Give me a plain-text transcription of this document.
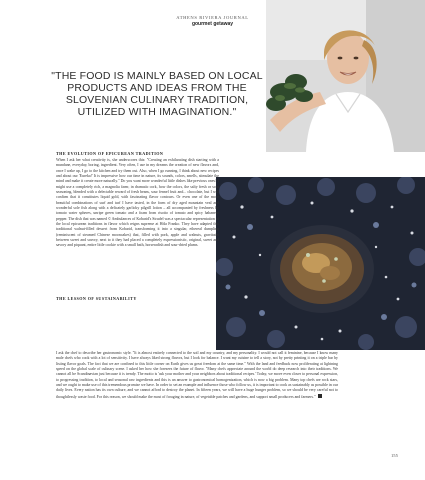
ATHENS RIVIERA JOURNAL
gourmet getaway

"THE FOOD IS MAINLY BASED ON LOCAL PRODUCTS AND IDEAS FROM THE SLOVENIAN CULINARY TRADITION, UTILIZED WITH IMAGINATION."

THE EVOLUTION OF EPICUREAN TRADITION

When I ask her what creativity is, she underscores this: "Creating an exhilarating dish starting with a mundane, everyday, boring, ingredient. Very often, I use in my dreams the creation of new flavors and, once I wake up, I go to the kitchen and try them out. Also, when I go running, I think about new recipes and about our 'Eureka!' It is impressive how our time in nature, its sounds, colors, smells, stimulate the mind and make it create more naturally." Do you want more wonderful little dishes like previous ones? I might use a completely rich, a magnolia farm; in dramatic cork, how the colors, the salty fresh or sour seasoning, blended with a delectable reward of fresh beans, sour fennel fruit and... chocolate, but I will confirm that it constitutes liquid gold, with fascinating flavor contours. Or even one of the more beautiful combinations of surf and turf I have tasted, in the form of dry aged mountain veal and wonderful sole fish along with a delicately garlicky pilgrill lotion – all accompanied by freshness by tomato water spheres, unripe green tomato and a foam from risotto of tomato and spicy habanero pepper. The dish that was named © Ambulances of Kobarid's Strudel was a spectacular representation of the local epicurean traditions in flavor which reigns supreme at Hiša Franko. They have adapted this traditional walnut-filled dessert from Kobarid, transforming it into a singular, ethereal dumpling (reminiscent of steamed Chinese mooncakes) that, filled with pork, apple and walnuts, gravitates between sweet and savory, next to it they had placed a completely expressionistic, original, sweet and savory and piquant, entire little cookie with a small bath, horseradish and sour-dried plums.

THE LESSON OF SUSTAINABILITY

I ask the chef to describe her gastronomic style. "It is almost entirely connected to the soil and my country, and my personality. I would not call it feminine, because I know many male chefs who cook with a lot of sensitivity. I have always liked strong flavors, but I look for balance. I want my cuisine to tell a story, not by pretty printing it on a triple bar by listing flavor goals. The fact that we are confined to this little corner on Earth gives us great freedom at the same time." With the land and feedback now proliferating at lightning speed on the global scale of culinary scene. I asked her how she foresees the future of flavor. "Many chefs appreciate around the world do deep research into their traditions. We cannot all be Scandinavian just because it is trendy. The motto is 'ask your mother and your neighbors about traditional recipes.' Today, we move even closer to personal expression, to progressing tradition, to local and seasonal raw ingredients and this is an answer to gastronomical homogenization, which is now a big problem. Many top chefs are rock stars, and we ought to make use of this tremendous promise we have. In order to set an example and influence those who follow us, it is important to cook as sustainably as possible in our daily lives. Every nation has its own culture, and we cannot afford to destroy the planet. In fifteen years, we will have a huge hunger problem, so we should be very careful not to thoughtlessly waste food. For this reason, we should make the most of foraging in nature, of vegetable patches and gardens, and support small producers and farmers."

155
